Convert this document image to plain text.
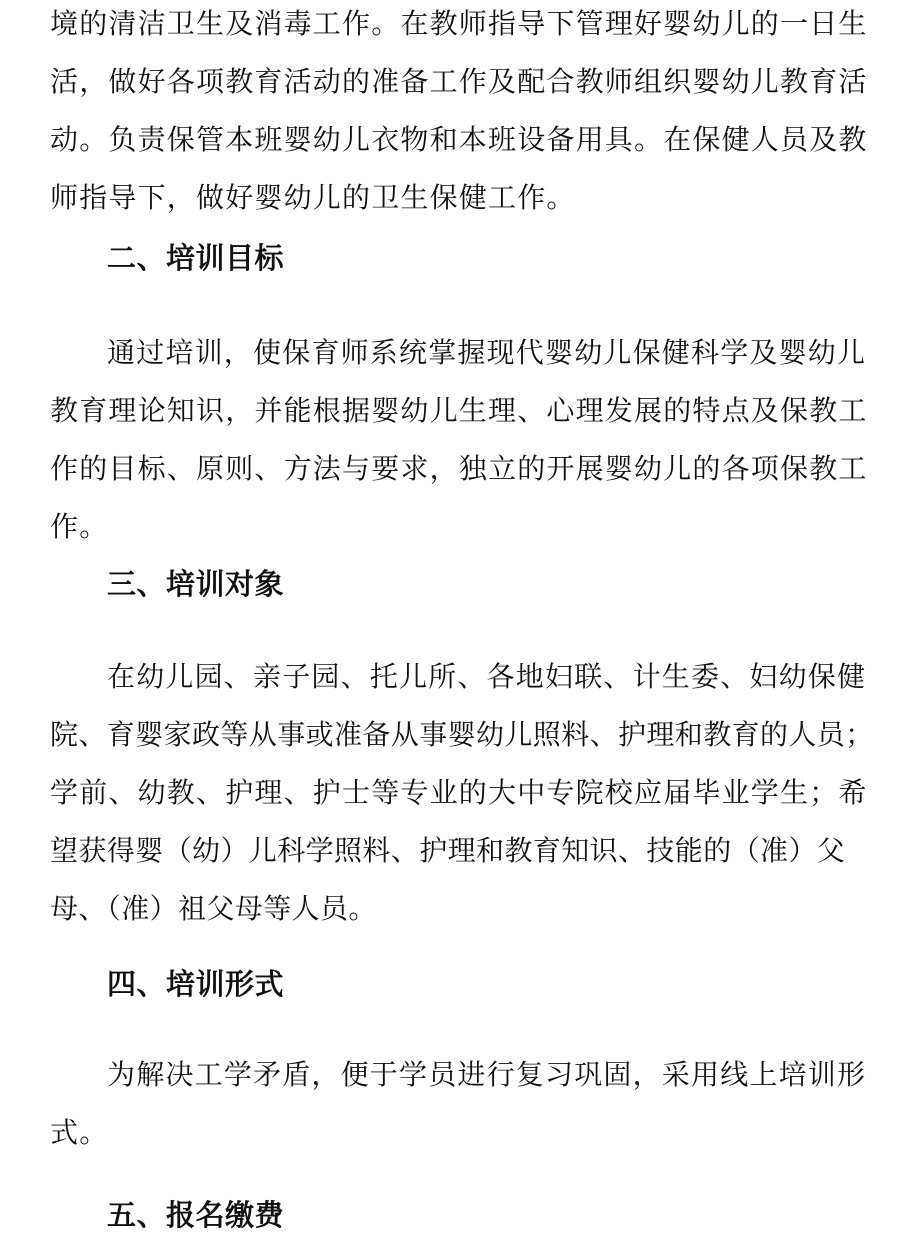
境的清洁卫生及消毒工作。在教师指导下管理好婴幼儿的一日生
活，做好各项教育活动的准备工作及配合教师组织婴幼儿教育活
动。负责保管本班婴幼儿衣物和本班设备用具。在保健人员及教
师指导下，做好婴幼儿的卫生保健工作。
二、培训目标
通过培训，使保育师系统掌握现代婴幼儿保健科学及婴幼儿
教育理论知识，并能根据婴幼儿生理、心理发展的特点及保教工
作的目标、原则、方法与要求，独立的开展婴幼儿的各项保教工
作。
三、培训对象
在幼儿园、亲子园、托儿所、各地妇联、计生委、妇幼保健
院、育婴家政等从事或准备从事婴幼儿照料、护理和教育的人员；
学前、幼教、护理、护士等专业的大中专院校应届毕业学生；希
望获得婴（幼）儿科学照料、护理和教育知识、技能的（准）父
母、（准）祖父母等人员。
四、培训形式
为解决工学矛盾，便于学员进行复习巩固，采用线上培训形
式。
五、报名缴费
